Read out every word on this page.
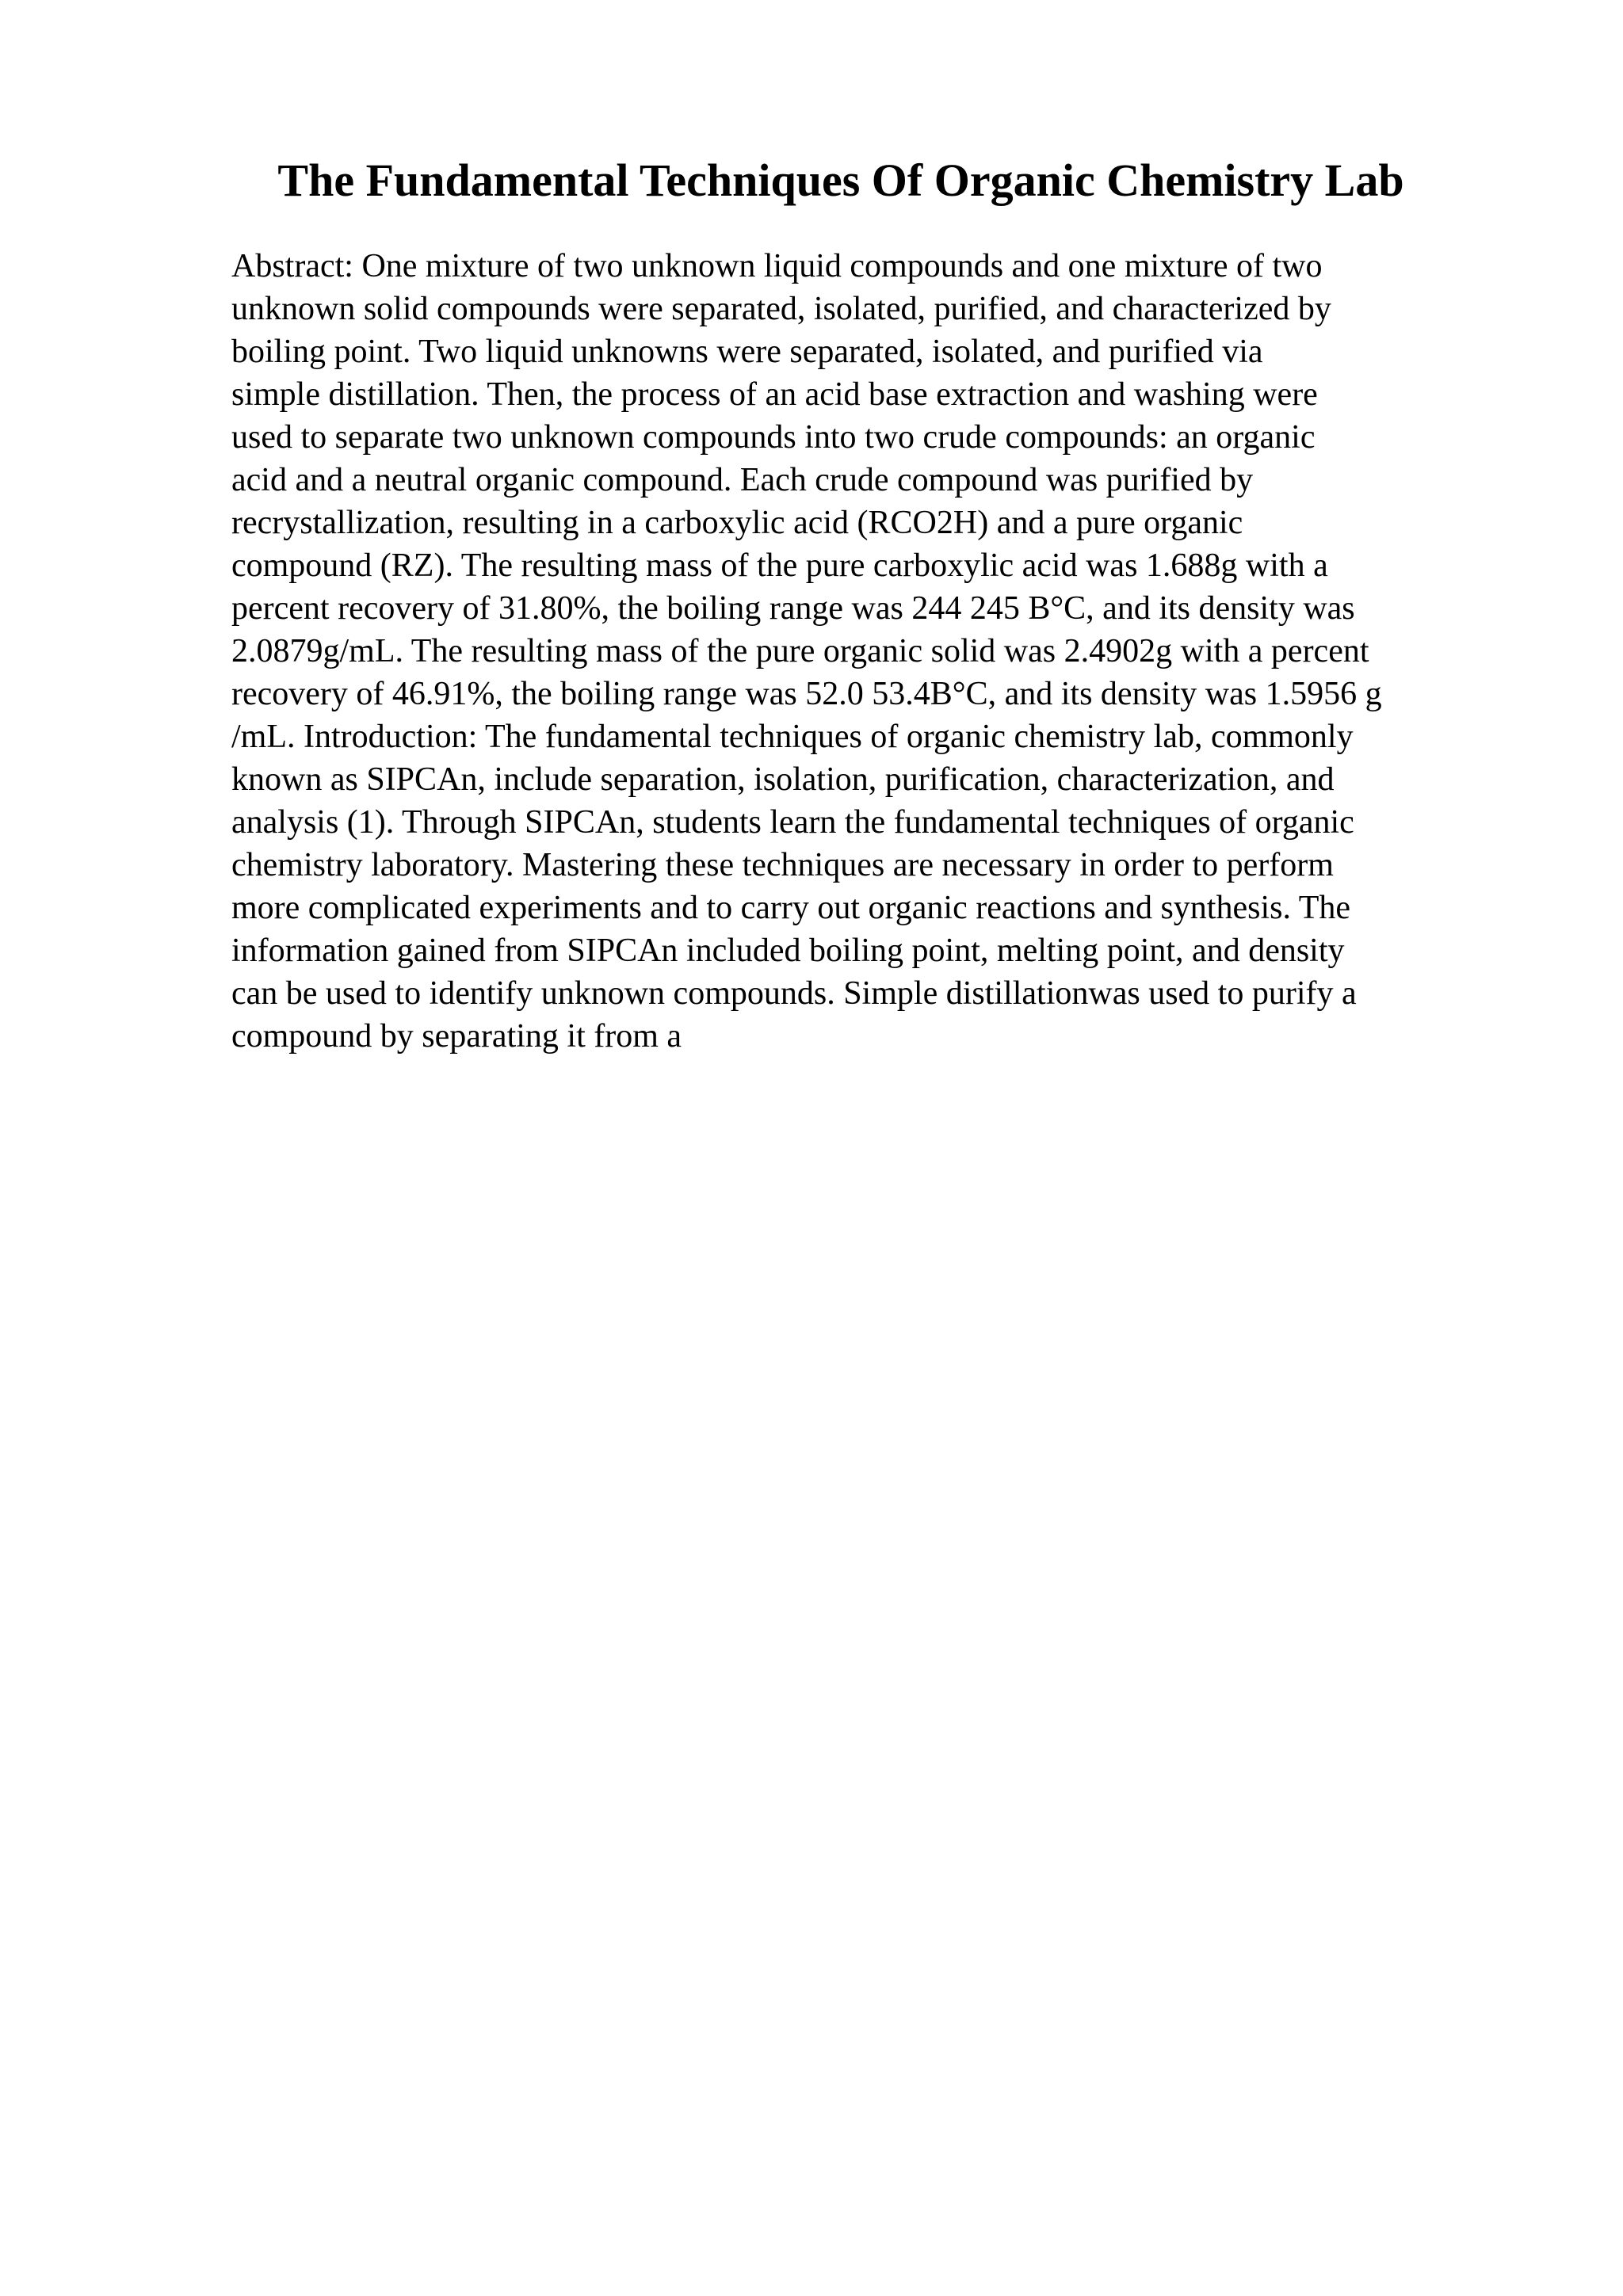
The Fundamental Techniques Of Organic Chemistry Lab
Abstract: One mixture of two unknown liquid compounds and one mixture of two
unknown solid compounds were separated, isolated, purified, and characterized by
boiling point. Two liquid unknowns were separated, isolated, and purified via
simple distillation. Then, the process of an acid base extraction and washing were
used to separate two unknown compounds into two crude compounds: an organic
acid and a neutral organic compound. Each crude compound was purified by
recrystallization, resulting in a carboxylic acid (RCO2H) and a pure organic
compound (RZ). The resulting mass of the pure carboxylic acid was 1.688g with a
percent recovery of 31.80%, the boiling range was 244 245 B°C, and its density was
2.0879g/mL. The resulting mass of the pure organic solid was 2.4902g with a percent
recovery of 46.91%, the boiling range was 52.0 53.4B°C, and its density was 1.5956 g
/mL. Introduction: The fundamental techniques of organic chemistry lab, commonly
known as SIPCAn, include separation, isolation, purification, characterization, and
analysis (1). Through SIPCAn, students learn the fundamental techniques of organic
chemistry laboratory. Mastering these techniques are necessary in order to perform
more complicated experiments and to carry out organic reactions and synthesis. The
information gained from SIPCAn included boiling point, melting point, and density
can be used to identify unknown compounds. Simple distillationwas used to purify a
compound by separating it from a
